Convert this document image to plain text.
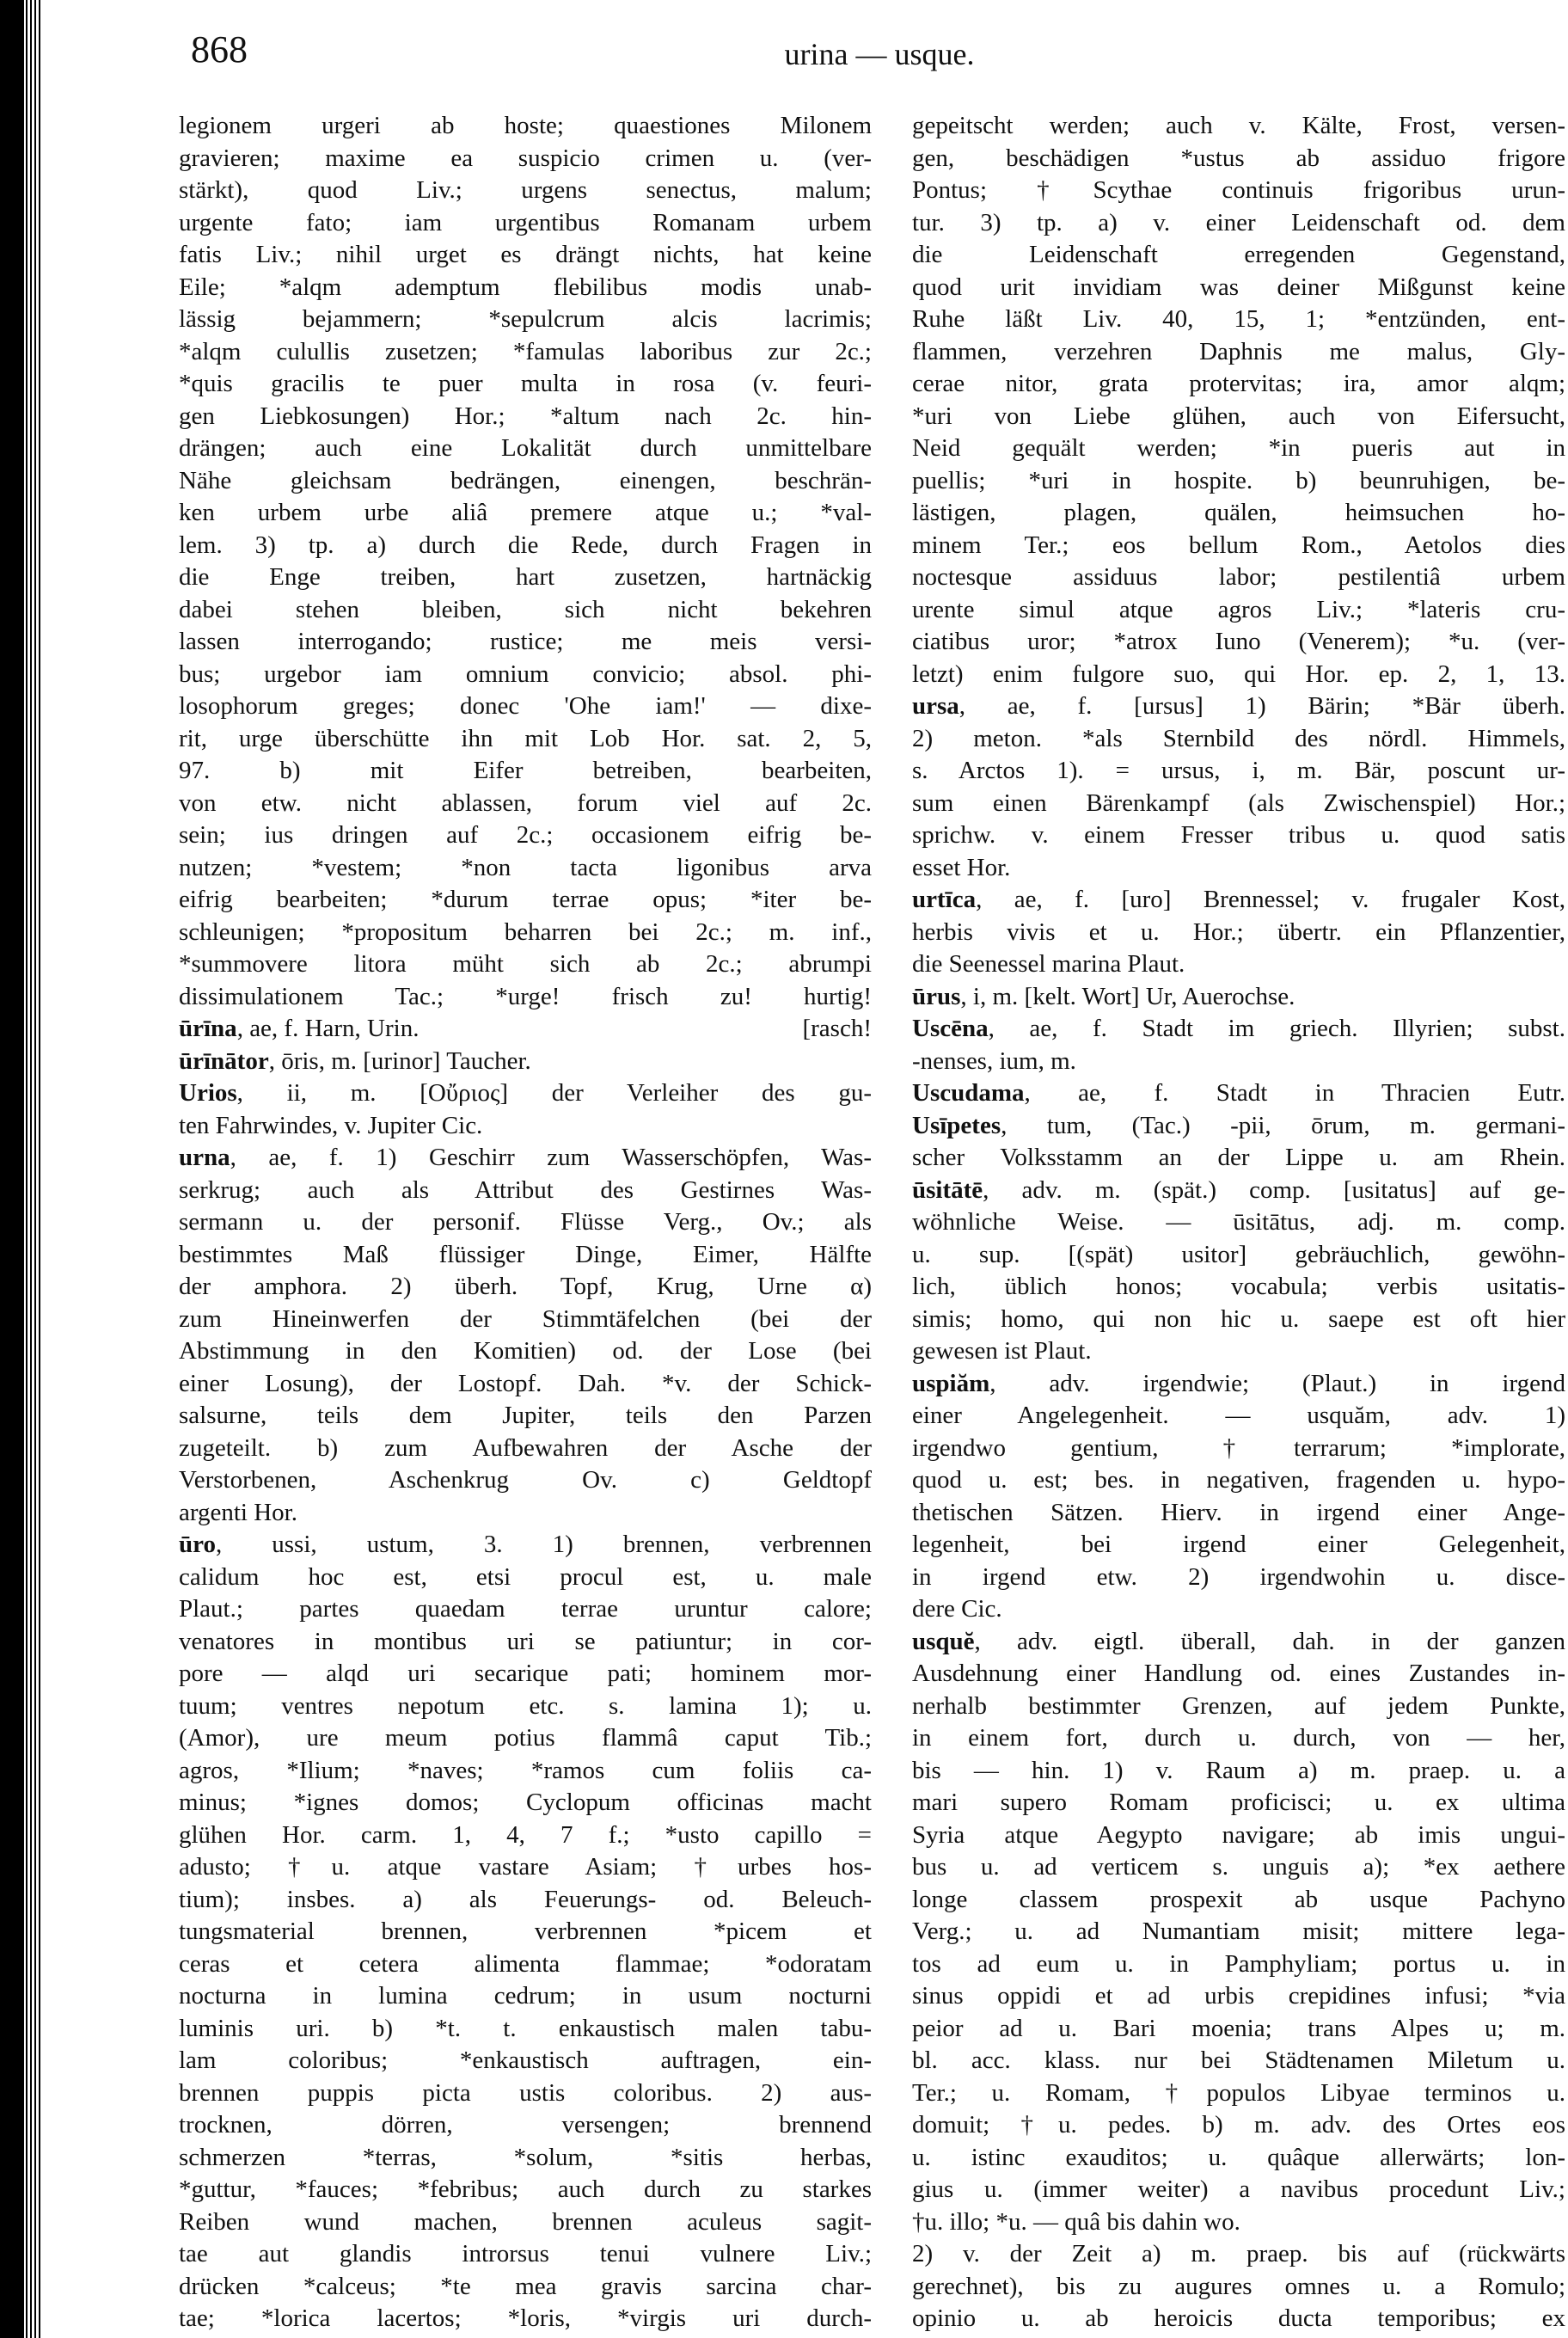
868	urina — usque.
legionem urgeri ab hoste; quaestiones Milonem
gravieren; maxime ea suspicio crimen u. (ver-
stärkt), quod Liv.; urgens senectus, malum;
urgente fato; iam urgentibus Romanam urbem
fatis Liv.; nihil urget es drängt nichts, hat keine
Eile; *alqm ademptum flebilibus modis unab-
lässig bejammern; *sepulcrum alcis lacrimis;
*alqm culullis zusetzen; *famulas laboribus zur 2c.;
*quis gracilis te puer multa in rosa (v. feuri-
gen Liebkosungen) Hor.; *altum nach 2c. hin-
drängen; auch eine Lokalität durch unmittelbare
Nähe gleichsam bedrängen, einengen, beschrän-
ken urbem urbe aliâ premere atque u.; *val-
lem. 3) tp. a) durch die Rede, durch Fragen in
die Enge treiben, hart zusetzen, hartnäckig
dabei stehen bleiben, sich nicht bekehren
lassen interrogando; rustice; me meis versi-
bus; urgebor iam omnium convicio; absol. phi-
losophorum greges; donec 'Ohe iam!' — dixe-
rit, urge überschütte ihn mit Lob Hor. sat. 2, 5,
97. b) mit Eifer betreiben, bearbeiten,
von etw. nicht ablassen, forum viel auf 2c.
sein; ius dringen auf 2c.; occasionem eifrig be-
nutzen; *vestem; *non tacta ligonibus arva
eifrig bearbeiten; *durum terrae opus; *iter be-
schleunigen; *propositum beharren bei 2c.; m. inf.,
*summovere litora müht sich ab 2c.; abrumpi
dissimulationem Tac.; *urge! frisch zu! hurtig!
[rasch!
ūrīna, ae, f. Harn, Urin.
ūrīnātor, ōris, m. [urinor] Taucher.
Urios, ii, m. [Οὔριος] der Verleiher des gu-
ten Fahrwindes, v. Jupiter Cic.
urna, ae, f. 1) Geschirr zum Wasserschöpfen, Was-
serkrug; auch als Attribut des Gestirnes Was-
sermann u. der personif. Flüsse Verg., Ov.; als
bestimmtes Maß flüssiger Dinge, Eimer, Hälfte
der amphora. 2) überh. Topf, Krug, Urne α)
zum Hineinwerfen der Stimmtäfelchen (bei der
Abstimmung in den Komitien) od. der Lose (bei
einer Losung), der Lostopf. Dah. *v. der Schick-
salsurne, teils dem Jupiter, teils den Parzen
zugeteilt. b) zum Aufbewahren der Asche der
Verstorbenen, Aschenkrug Ov. c) Geldtopf
argenti Hor.
ūro, ussi, ustum, 3. 1) brennen, verbrennen
calidum hoc est, etsi procul est, u. male
Plaut.; partes quaedam terrae uruntur calore;
venatores in montibus uri se patiuntur; in cor-
pore — alqd uri secarique pati; hominem mor-
tuum; ventres nepotum etc. s. lamina 1); u.
(Amor), ure meum potius flammâ caput Tib.;
agros, *Ilium; *naves; *ramos cum foliis ca-
minus; *ignes domos; Cyclopum officinas macht
glühen Hor. carm. 1, 4, 7 f.; *usto capillo =
adusto; †u. atque vastare Asiam; †urbes hos-
tium); insbes. a) als Feuerungs- od. Beleuch-
tungsmaterial brennen, verbrennen *picem et
ceras et cetera alimenta flammae; *odoratam
nocturna in lumina cedrum; in usum nocturni
luminis uri. b) *t. t. enkaustisch malen tabu-
lam coloribus; *enkaustisch auftragen, ein-
brennen puppis picta ustis coloribus. 2) aus-
trocknen, dörren, versengen; brennend
schmerzen *terras, *solum, *sitis herbas,
*guttur, *fauces; *febribus; auch durch zu starkes
Reiben wund machen, brennen aculeus sagit-
tae aut glandis introrsus tenui vulnere Liv.;
drücken *calceus; *te mea gravis sarcina char-
tae; *lorica lacertos; *loris, *virgis uri durch-
gepeitscht werden; auch v. Kälte, Frost, versen-
gen, beschädigen *ustus ab assiduo frigore
Pontus; †Scythae continuis frigoribus urun-
tur. 3) tp. a) v. einer Leidenschaft od. dem
die Leidenschaft erregenden Gegenstand,
quod urit invidiam was deiner Mißgunst keine
Ruhe läßt Liv. 40, 15, 1; *entzünden, ent-
flammen, verzehren Daphnis me malus, Gly-
cerae nitor, grata protervitas; ira, amor alqm;
*uri von Liebe glühen, auch von Eifersucht,
Neid gequält werden; *in pueris aut in
puellis; *uri in hospite. b) beunruhigen, be-
lästigen, plagen, quälen, heimsuchen ho-
minem Ter.; eos bellum Rom., Aetolos dies
noctesque assiduus labor; pestilentiâ urbem
urente simul atque agros Liv.; *lateris cru-
ciatibus uror; *atrox Iuno (Venerem); *u. (ver-
letzt) enim fulgore suo, qui Hor. ep. 2, 1, 13.
ursa, ae, f. [ursus] 1) Bärin; *Bär überh.
2) meton. *als Sternbild des nördl. Himmels,
s. Arctos 1). = ursus, i, m. Bär, poscunt ur-
sum einen Bärenkampf (als Zwischenspiel) Hor.;
sprichw. v. einem Fresser tribus u. quod satis
esset Hor.
urtīca, ae, f. [uro] Brennessel; v. frugaler Kost,
herbis vivis et u. Hor.; übertr. ein Pflanzentier,
die Seenessel marina Plaut.
ūrus, i, m. [kelt. Wort] Ur, Auerochse.
Uscēna, ae, f. Stadt im griech. Illyrien; subst.
-nenses, ium, m.
Uscudama, ae, f. Stadt in Thracien Eutr.
Usīpetes, tum, (Tac.) -pii, ōrum, m. germani-
scher Volksstamm an der Lippe u. am Rhein.
ūsitātē, adv. m. (spät.) comp. [usitatus] auf ge-
wöhnliche Weise. — ūsitātus, adj. m. comp.
u. sup. [(spät) usitor] gebräuchlich, gewöhn-
lich, üblich honos; vocabula; verbis usitatis-
simis; homo, qui non hic u. saepe est oft hier
gewesen ist Plaut.
uspiăm, adv. irgendwie; (Plaut.) in irgend
einer Angelegenheit. — usquăm, adv. 1)
irgendwo gentium, †terrarum; *implorate,
quod u. est; bes. in negativen, fragenden u. hypo-
thetischen Sätzen. Hierv. in irgend einer Ange-
legenheit, bei irgend einer Gelegenheit,
in irgend etw. 2) irgendwohin u. disce-
dere Cic.
usquĕ, adv. eigtl. überall, dah. in der ganzen
Ausdehnung einer Handlung od. eines Zustandes in-
nerhalb bestimmter Grenzen, auf jedem Punkte,
in einem fort, durch u. durch, von — her,
bis — hin. 1) v. Raum a) m. praep. u. a
mari supero Romam proficisci; u. ex ultima
Syria atque Aegypto navigare; ab imis ungui-
bus u. ad verticem s. unguis a); *ex aethere
longe classem prospexit ab usque Pachyno
Verg.; u. ad Numantiam misit; mittere lega-
tos ad eum u. in Pamphyliam; portus u. in
sinus oppidi et ad urbis crepidines infusi; *via
peior ad u. Bari moenia; trans Alpes u; m.
bl. acc. klass. nur bei Städtenamen Miletum u.
Ter.; u. Romam, †populos Libyae terminos u.
domuit; †u. pedes. b) m. adv. des Ortes eos
u. istinc exauditos; u. quâque allerwärts; lon-
gius u. (immer weiter) a navibus procedunt Liv.;
†u. illo; *u. — quâ bis dahin wo.
2) v. der Zeit a) m. praep. bis auf (rückwärts
gerechnet), bis zu augures omnes u. a Romulo;
opinio u. ab heroicis ducta temporibus; ex
